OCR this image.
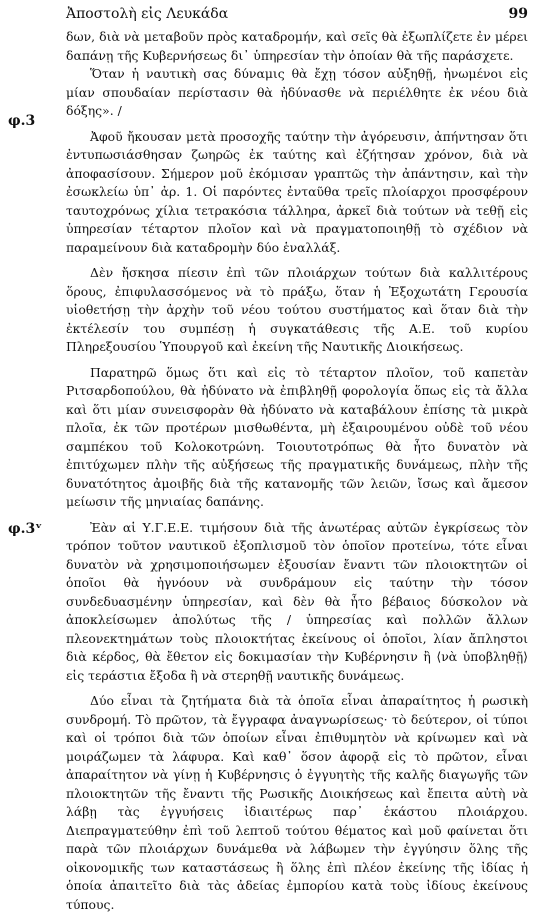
Ἀποστολὴ εἰς Λευκάδα	99
φ.3
φ.3ᵛ

δων, διὰ νὰ μεταβοῦν πρὸς καταδρομήν, καὶ σεῖς θὰ ἐξωπλίζετε ἐν μέρει δαπάνῃ τῆς Κυβερνήσεως δι᾽ ὑπηρεσίαν τὴν ὁποίαν θὰ τῆς παράσχετε.

Ὅταν ἡ ναυτικὴ σας δύναμις θὰ ἔχῃ τόσον αὐξηθῇ, ἠνωμένοι εἰς μίαν σπουδαίαν περίστασιν θὰ ἠδύνασθε νὰ περιέλθητε ἐκ νέου διὰ δόξης». /

Ἀφοῦ ἤκουσαν μετὰ προσοχῆς ταύτην τὴν ἀγόρευσιν, ἀπήντησαν ὅτι ἐντυπωσιάσθησαν ζωηρῶς ἐκ ταύτης καὶ ἐζήτησαν χρόνον, διὰ νὰ ἀποφασίσουν. Σήμερον μοῦ ἐκόμισαν γραπτῶς τὴν ἀπάντησιν, καὶ τὴν ἐσωκλείω ὑπ᾽ ἀρ. 1. Οἱ παρόντες ἐνταῦθα τρεῖς πλοίαρχοι προσφέρουν ταυτοχρόνως χίλια τετρακόσια τάλληρα, ἀρκεῖ διὰ τούτων νὰ τεθῇ εἰς ὑπηρεσίαν τέταρτον πλοῖον καὶ νὰ πραγματοποιηθῇ τὸ σχέδιον νὰ παραμείνουν διὰ καταδρομὴν δύο ἑναλλάξ.

Δὲν ἤσκησα πίεσιν ἐπὶ τῶν πλοιάρχων τούτων διὰ καλλιτέρους ὅρους, ἐπιφυλασσόμενος νὰ τὸ πράξω, ὅταν ἡ Ἐξοχωτάτη Γερουσία υἱοθετήσῃ τὴν ἀρχὴν τοῦ νέου τούτου συστήματος καὶ ὅταν διὰ τὴν ἐκτέλεσίν του συμπέσῃ ἡ συγκατάθεσις τῆς Α.Ε. τοῦ κυρίου Πληρεξουσίου Ὑπουργοῦ καὶ ἐκείνη τῆς Ναυτικῆς Διοικήσεως.

Παρατηρῶ ὅμως ὅτι καὶ εἰς τὸ τέταρτον πλοῖον, τοῦ καπετὰν Ριτσαρδοπούλου, θὰ ἠδύνατο νὰ ἐπιβληθῇ φορολογία ὅπως εἰς τὰ ἄλλα καὶ ὅτι μίαν συνεισφορὰν θὰ ἠδύνατο νὰ καταβάλουν ἐπίσης τὰ μικρὰ πλοῖα, ἐκ τῶν προτέρων μισθωθέντα, μὴ ἐξαιρουμένου οὐδὲ τοῦ νέου σαμπέκου τοῦ Κολοκοτρώνη. Τοιουτοτρόπως θὰ ἦτο δυνατὸν νὰ ἐπιτύχωμεν πλὴν τῆς αὐξήσεως τῆς πραγματικῆς δυνάμεως, πλὴν τῆς δυνατότητος ἀμοιβῆς διὰ τῆς κατανομῆς τῶν λειῶν, ἴσως καὶ ἄμεσον μείωσιν τῆς μηνιαίας δαπάνης.

Ἐὰν αἱ Υ.Γ.Ε.Ε. τιμήσουν διὰ τῆς ἀνωτέρας αὐτῶν ἐγκρίσεως τὸν τρόπον τοῦτον ναυτικοῦ ἐξοπλισμοῦ τὸν ὁποῖον προτείνω, τότε εἶναι δυνατὸν νὰ χρησιμοποιήσωμεν ἐξουσίαν ἔναντι τῶν πλοιοκτητῶν οἱ ὁποῖοι θὰ ἠγνόουν νὰ συνδράμουν εἰς ταύτην τὴν τόσον συνδεδυασμένην ὑπηρεσίαν, καὶ δὲν θὰ ἦτο βέβαιος δύσκολον νὰ ἀποκλείσωμεν ἀπολύτως τῆς / ὑπηρεσίας καὶ πολλῶν ἄλλων πλεονεκτημάτων τοὺς πλοιοκτήτας ἐκείνους οἱ ὁποῖοι, λίαν ἄπληστοι διὰ κέρδος, θὰ ἔθετον εἰς δοκιμασίαν τὴν Κυβέρνησιν ἢ ⟨νὰ ὑποβληθῇ⟩ εἰς τεράστια ἔξοδα ἢ νὰ στερηθῇ ναυτικῆς δυνάμεως.

Δύο εἶναι τὰ ζητήματα διὰ τὰ ὁποῖα εἶναι ἀπαραίτητος ἡ ρωσικὴ συνδρομή. Τὸ πρῶτον, τὰ ἔγγραφα ἀναγνωρίσεως· τὸ δεύτερον, οἱ τύποι καὶ οἱ τρόποι διὰ τῶν ὁποίων εἶναι ἐπιθυμητὸν νὰ κρίνωμεν καὶ νὰ μοιράζωμεν τὰ λάφυρα. Καὶ καθ᾽ ὅσον ἀφορᾷ εἰς τὸ πρῶτον, εἶναι ἀπαραίτητον νὰ γίνῃ ἡ Κυβέρνησις ὁ ἐγγυητὴς τῆς καλῆς διαγωγῆς τῶν πλοιοκτητῶν τῆς ἔναντι τῆς Ρωσικῆς Διοικήσεως καὶ ἔπειτα αὐτὴ νὰ λάβῃ τὰς ἐγγυήσεις ἰδιαιτέρως παρ᾽ ἑκάστου πλοιάρχου. Διεπραγματεύθην ἐπὶ τοῦ λεπτοῦ τούτου θέματος καὶ μοῦ φαίνεται ὅτι παρὰ τῶν πλοιάρχων δυνάμεθα νὰ λάβωμεν τὴν ἐγγύησιν ὅλης τῆς οἰκονομικῆς των καταστάσεως ἢ ὅλης ἐπὶ πλέον ἐκείνης τῆς ἰδίας ἡ ὁποία ἀπαιτεῖτο διὰ τὰς ἀδείας ἐμπορίου κατὰ τοὺς ἰδίους ἐκείνους τύπους.
